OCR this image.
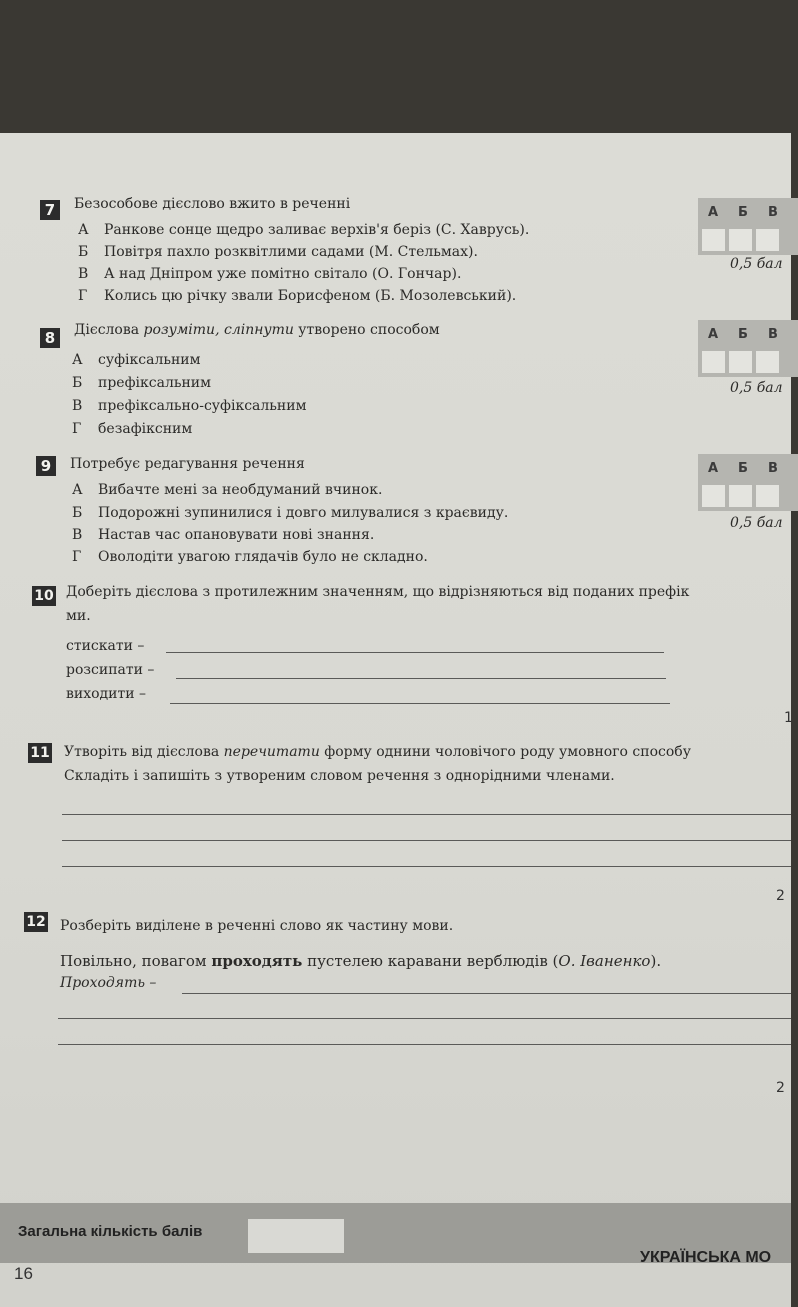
7	Безособове дієслово вжито в реченні
А Ранкове сонце щедро заливає верхів'я беріз (С. Хаврусь).
Б Повітря пахло розквітлими садами (М. Стельмах).
В А над Дніпром уже помітно світало (О. Гончар).
Г Колись цю річку звали Борисфеном (Б. Мозолевський).
А	Б	В
0,5 бал
8	Дієслова розуміти, сліпнути утворено способом
А суфіксальним
Б префіксальним
В префіксально-суфіксальним
Г безафіксним
А	Б	В
0,5 бал
9	Потребує редагування речення
А Вибачте мені за необдуманий вчинок.
Б Подорожні зупинилися і довго милувалися з краєвиду.
В Настав час опановувати нові знання.
Г Оволодіти увагою глядачів було не складно.
А	Б	В
0,5 бал
10 Доберіть дієслова з протилежним значенням, що відрізняються від поданих префік
ми.
стискати –
розсипати –
виходити –
1
11 Утворіть від дієслова перечитати форму однини чоловічого роду умовного способу
Складіть і запишіть з утвореним словом речення з однорідними членами.
2
12 Розберіть виділене в реченні слово як частину мови.
Повільно, повагом проходять пустелею каравани верблюдів (О. Іваненко).
Проходять –
2
Загальна кількість балів
УКРАЇНСЬКА МО
16
